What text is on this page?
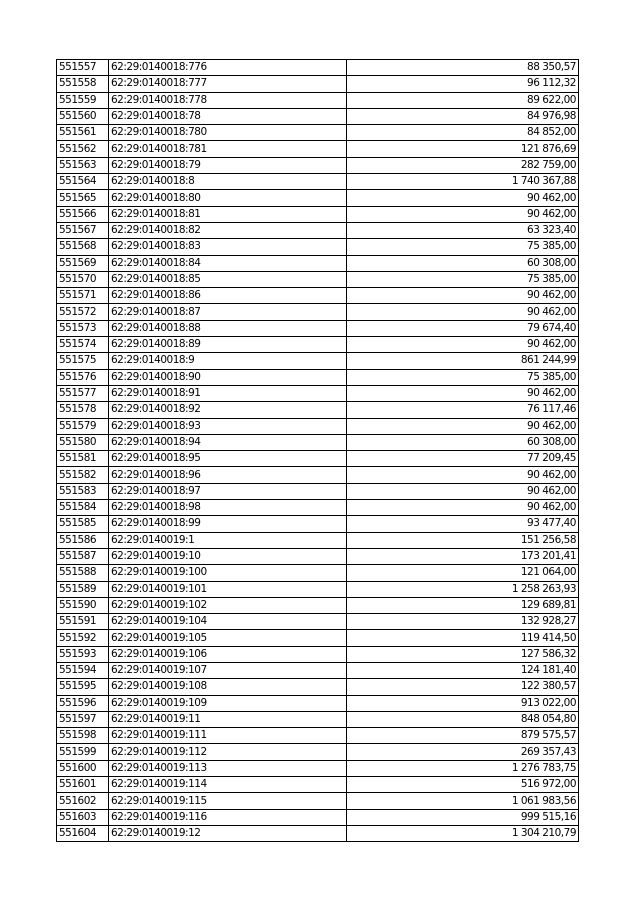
551557	62:29:0140018:776	88 350,57
551558	62:29:0140018:777	96 112,32
551559	62:29:0140018:778	89 622,00
551560	62:29:0140018:78	84 976,98
551561	62:29:0140018:780	84 852,00
551562	62:29:0140018:781	121 876,69
551563	62:29:0140018:79	282 759,00
551564	62:29:0140018:8	1 740 367,88
551565	62:29:0140018:80	90 462,00
551566	62:29:0140018:81	90 462,00
551567	62:29:0140018:82	63 323,40
551568	62:29:0140018:83	75 385,00
551569	62:29:0140018:84	60 308,00
551570	62:29:0140018:85	75 385,00
551571	62:29:0140018:86	90 462,00
551572	62:29:0140018:87	90 462,00
551573	62:29:0140018:88	79 674,40
551574	62:29:0140018:89	90 462,00
551575	62:29:0140018:9	861 244,99
551576	62:29:0140018:90	75 385,00
551577	62:29:0140018:91	90 462,00
551578	62:29:0140018:92	76 117,46
551579	62:29:0140018:93	90 462,00
551580	62:29:0140018:94	60 308,00
551581	62:29:0140018:95	77 209,45
551582	62:29:0140018:96	90 462,00
551583	62:29:0140018:97	90 462,00
551584	62:29:0140018:98	90 462,00
551585	62:29:0140018:99	93 477,40
551586	62:29:0140019:1	151 256,58
551587	62:29:0140019:10	173 201,41
551588	62:29:0140019:100	121 064,00
551589	62:29:0140019:101	1 258 263,93
551590	62:29:0140019:102	129 689,81
551591	62:29:0140019:104	132 928,27
551592	62:29:0140019:105	119 414,50
551593	62:29:0140019:106	127 586,32
551594	62:29:0140019:107	124 181,40
551595	62:29:0140019:108	122 380,57
551596	62:29:0140019:109	913 022,00
551597	62:29:0140019:11	848 054,80
551598	62:29:0140019:111	879 575,57
551599	62:29:0140019:112	269 357,43
551600	62:29:0140019:113	1 276 783,75
551601	62:29:0140019:114	516 972,00
551602	62:29:0140019:115	1 061 983,56
551603	62:29:0140019:116	999 515,16
551604	62:29:0140019:12	1 304 210,79
